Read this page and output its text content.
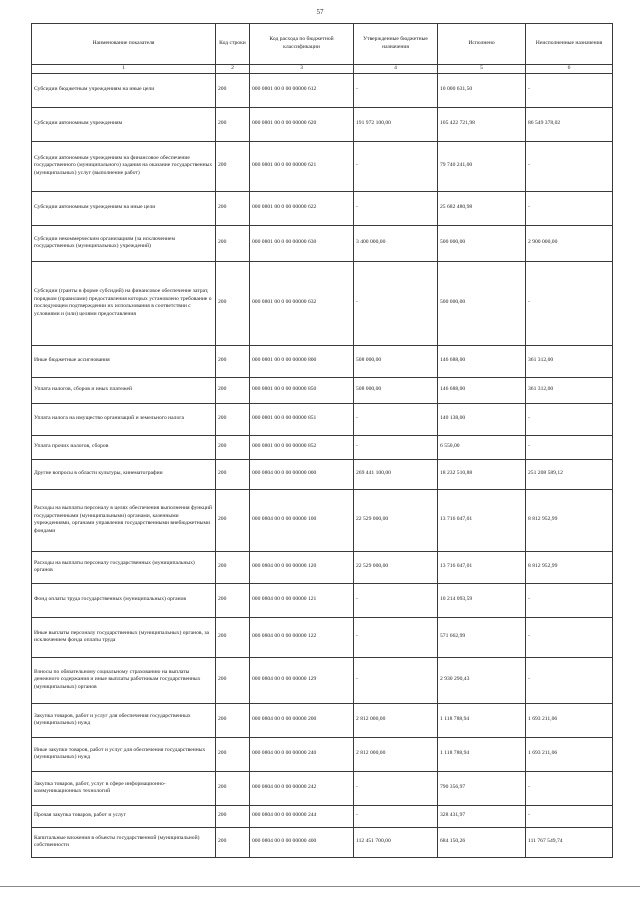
57
Наименование показателя	Код строки	Код расхода по бюджетной классификации	Утвержденные бюджетные назначения	Исполнено	Неисполненные назначения
1	2	3	4	5	6
Субсидии бюджетным учреждениям на иные цели	200	000 0801 00 0 00 00000 612	-	10 000 631,50	-
Субсидии автономным учреждениям	200	000 0801 00 0 00 00000 620	191 972 100,00	105 422 721,98	86 549 378,02
Субсидии автономным учреждениям на финансовое обеспечение государственного (муниципального) задания на оказание государственных (муниципальных) услуг (выполнение работ)	200	000 0801 00 0 00 00000 621	-	79 740 241,00	-
Субсидии автономным учреждениям на иные цели	200	000 0801 00 0 00 00000 622	-	25 682 480,98	-
Субсидии некоммерческим организациям (за исключением государственных (муниципальных) учреждений)	200	000 0801 00 0 00 00000 630	3 400 000,00	500 000,00	2 900 000,00
Субсидии (гранты в форме субсидий) на финансовое обеспечение затрат, порядком (правилами) предоставления которых установлено требование о последующем подтверждении их использования в соответствии с условиями и (или) целями предоставления	200	000 0801 00 0 00 00000 632	-	500 000,00	-
Иные бюджетные ассигнования	200	000 0801 00 0 00 00000 800	508 000,00	146 688,00	361 312,00
Уплата налогов, сборов и иных платежей	200	000 0801 00 0 00 00000 850	508 000,00	146 688,00	361 312,00
Уплата налога на имущество организаций и земельного налога	200	000 0801 00 0 00 00000 851	-	140 138,00	-
Уплата прочих налогов, сборов	200	000 0801 00 0 00 00000 852	-	6 550,00	-
Другие вопросы в области культуры, кинематографии	200	000 0804 00 0 00 00000 000	269 441 100,00	18 232 510,88	251 208 589,12
Расходы на выплаты персоналу в целях обеспечения выполнения функций государственными (муниципальными) органами, казенными учреждениями, органами управления государственными внебюджетными фондами	200	000 0804 00 0 00 00000 100	22 529 000,00	13 716 047,01	8 812 952,99
Расходы на выплаты персоналу государственных (муниципальных) органов	200	000 0804 00 0 00 00000 120	22 529 000,00	13 716 047,01	8 812 952,99
Фонд оплаты труда государственных (муниципальных) органов	200	000 0804 00 0 00 00000 121	-	10 214 093,59	-
Иные выплаты персоналу государственных (муниципальных) органов, за исключением фонда оплаты труда	200	000 0804 00 0 00 00000 122	-	571 662,99	-
Взносы по обязательному социальному страхованию на выплаты денежного содержания и иные выплаты работникам государственных (муниципальных) органов	200	000 0804 00 0 00 00000 129	-	2 930 290,43	-
Закупка товаров, работ и услуг для обеспечения государственных (муниципальных) нужд	200	000 0804 00 0 00 00000 200	2 812 000,00	1 118 788,94	1 693 211,06
Иные закупки товаров, работ и услуг для обеспечения государственных (муниципальных) нужд	200	000 0804 00 0 00 00000 240	2 812 000,00	1 118 788,94	1 693 211,06
Закупка товаров, работ, услуг в сфере информационно-коммуникационных технологий	200	000 0804 00 0 00 00000 242	-	790 356,97	-
Прочая закупка товаров, работ и услуг	200	000 0804 00 0 00 00000 244	-	328 431,97	-
Капитальные вложения в объекты государственной (муниципальной) собственности	200	000 0804 00 0 00 00000 400	112 451 700,00	684 150,26	111 767 549,74
